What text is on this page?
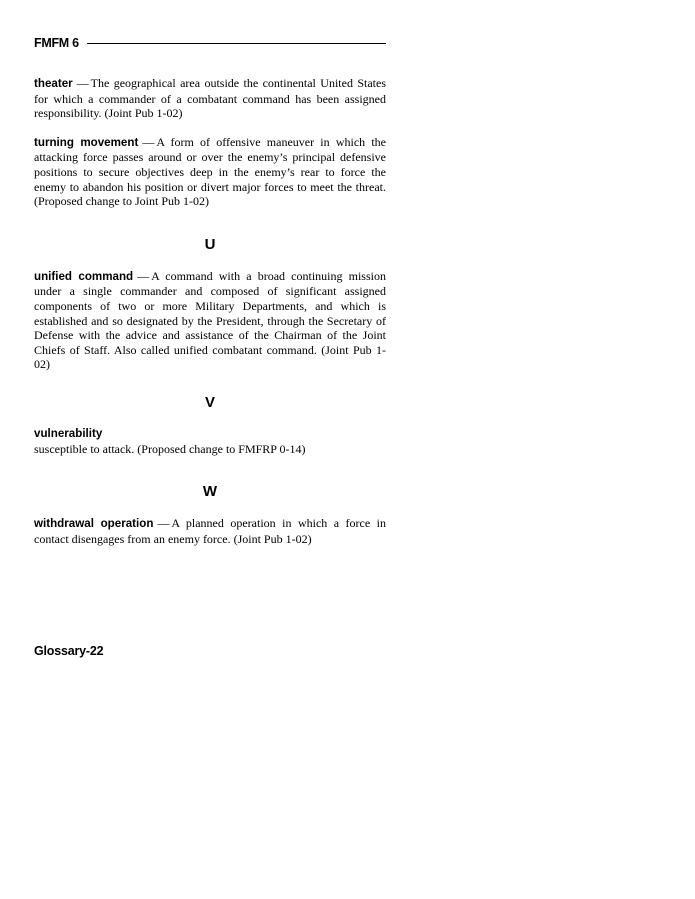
FMFM 6

theater — The geographical area outside the continental United States for which a commander of a combatant command has been assigned responsibility. (Joint Pub 1-02)

turning movement — A form of offensive maneuver in which the attacking force passes around or over the enemy’s principal defensive positions to secure objectives deep in the enemy’s rear to force the enemy to abandon his position or divert major forces to meet the threat. (Proposed change to Joint Pub 1-02)

U

unified command — A command with a broad continuing mission under a single commander and composed of significant assigned components of two or more Military Departments, and which is established and so designated by the President, through the Secretary of Defense with the advice and assistance of the Chairman of the Joint Chiefs of Staff. Also called unified combatant command. (Joint Pub 1-02)

V

vulnerability
susceptible to attack. (Proposed change to FMFRP 0-14)

W

withdrawal operation — A planned operation in which a force in contact disengages from an enemy force. (Joint Pub 1-02)

Glossary-22
